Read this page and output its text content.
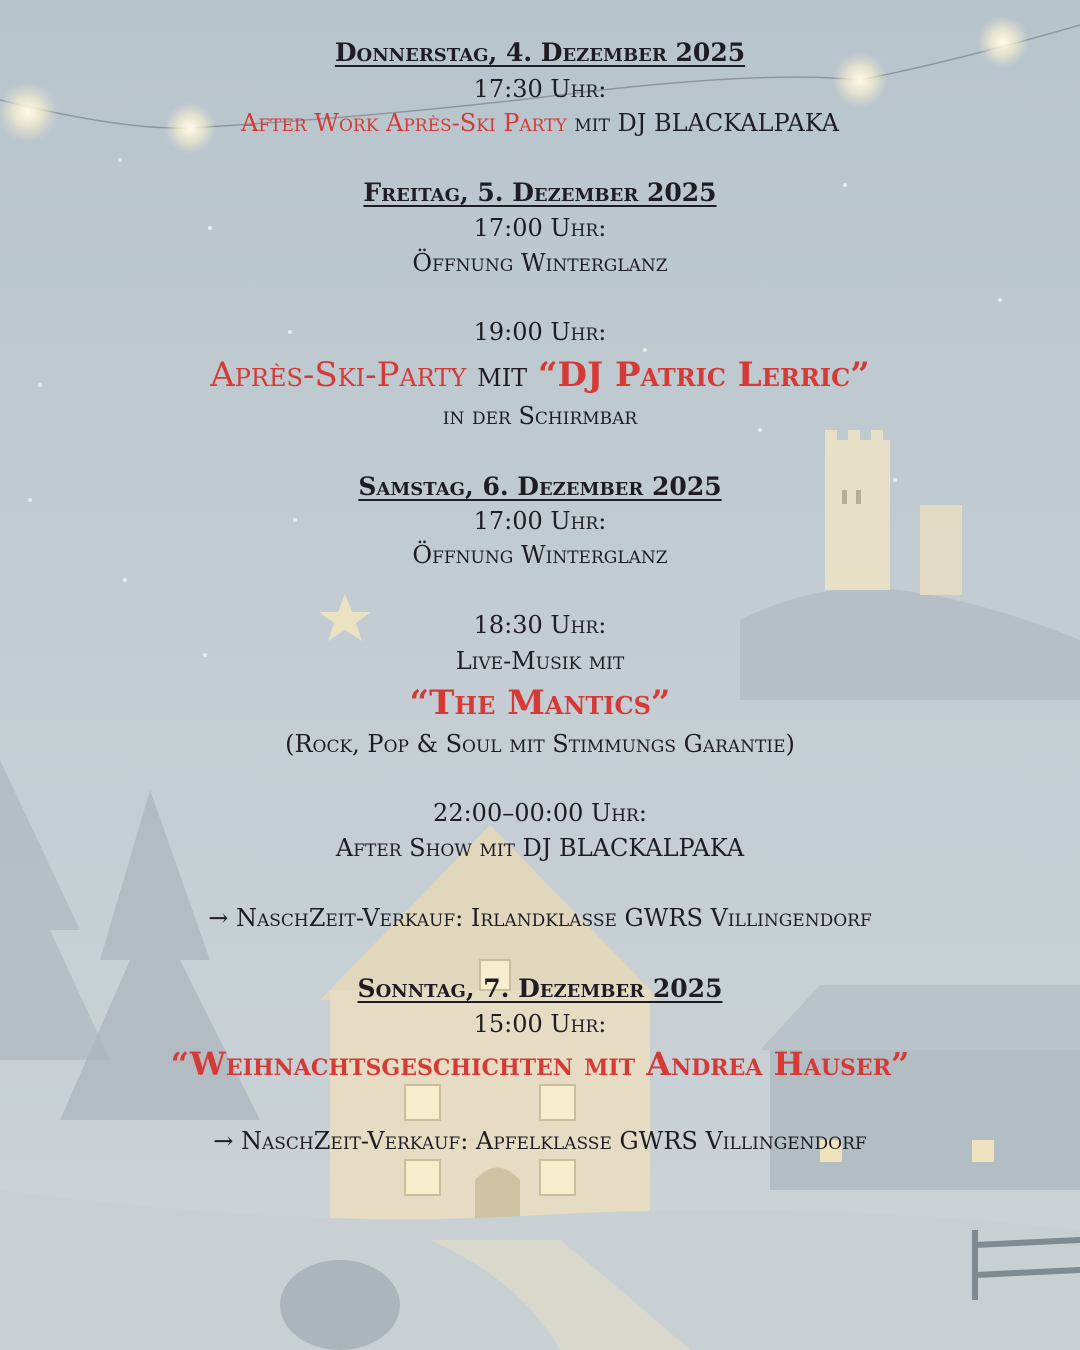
Donnerstag, 4. Dezember 2025
17:30 Uhr:
After Work Après-Ski Party mit DJ BLACKALPAKA
Freitag, 5. Dezember 2025
17:00 Uhr:
Öffnung Winterglanz
19:00 Uhr:
Après-Ski-Party mit “DJ Patric Lerric”
in der Schirmbar
Samstag, 6. Dezember 2025
17:00 Uhr:
Öffnung Winterglanz
18:30 Uhr:
Live-Musik mit
“The Mantics”
(Rock, Pop & Soul mit Stimmungs Garantie)
22:00–00:00 Uhr:
After Show mit DJ BLACKALPAKA
→ NaschZeit-Verkauf: Irlandklasse GWRS Villingendorf
Sonntag, 7. Dezember 2025
15:00 Uhr:
“Weihnachtsgeschichten mit Andrea Hauser”
→ NaschZeit-Verkauf: Apfelklasse GWRS Villingendorf
